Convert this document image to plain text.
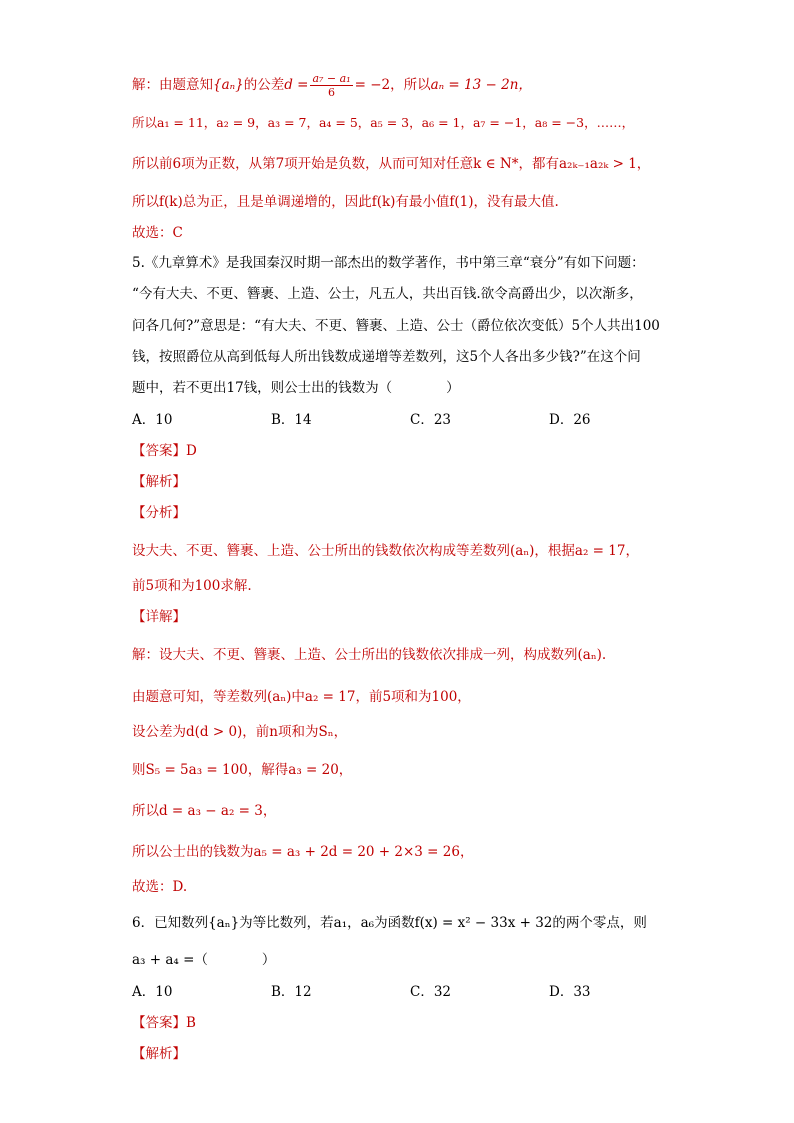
解：由题意知{aₙ}的公差$d = \frac{\text{a₇ − a₁}}{6} = -2$，所以aₙ = 13 − 2n，
所以a₁ = 11，a₂ = 9，a₃ = 7，a₄ = 5，a₅ = 3，a₆ = 1，a₇ = −1，a₈ = −3，……，
所以前6项为正数，从第7项开始是负数，从而可知对任意k ∈ N*，都有a₂ₖ₋₁a₂ₖ > 1，
所以f(k)总为正，且是单调递增的，因此f(k)有最小值f(1)，没有最大值.
故选：C
5.《九章算术》是我国秦汉时期一部杰出的数学著作，书中第三章“衰分”有如下问题：
“今有大夫、不更、簪裹、上造、公士，凡五人，共出百钱.欲令高爵出少，以次渐多，
问各几何?”意思是：“有大夫、不更、簪裹、上造、公士（爵位依次变低）5个人共出100
钱，按照爵位从高到低每人所出钱数成递增等差数列，这5个人各出多少钱?”在这个问
题中，若不更出17钱，则公士出的钱数为（　　　　）
A．10	B．14	C．23	D．26
【答案】D
【解析】
【分析】
设大夫、不更、簪裹、上造、公士所出的钱数依次构成等差数列(aₙ)，根据a₂ = 17，
前5项和为100求解.
【详解】
解：设大夫、不更、簪裹、上造、公士所出的钱数依次排成一列，构成数列(aₙ).
由题意可知，等差数列(aₙ)中a₂ = 17，前5项和为100，
设公差为d(d > 0)，前n项和为Sₙ，
则S₅ = 5a₃ = 100，解得a₃ = 20，
所以d = a₃ − a₂ = 3，
所以公士出的钱数为a₅ = a₃ + 2d = 20 + 2×3 = 26，
故选：D.
6．已知数列{aₙ}为等比数列，若a₁，a₆为函数f(x) = x² − 33x + 32的两个零点，则
a₃ + a₄ =（　　　　）
A．10	B．12	C．32	D．33
【答案】B
【解析】
